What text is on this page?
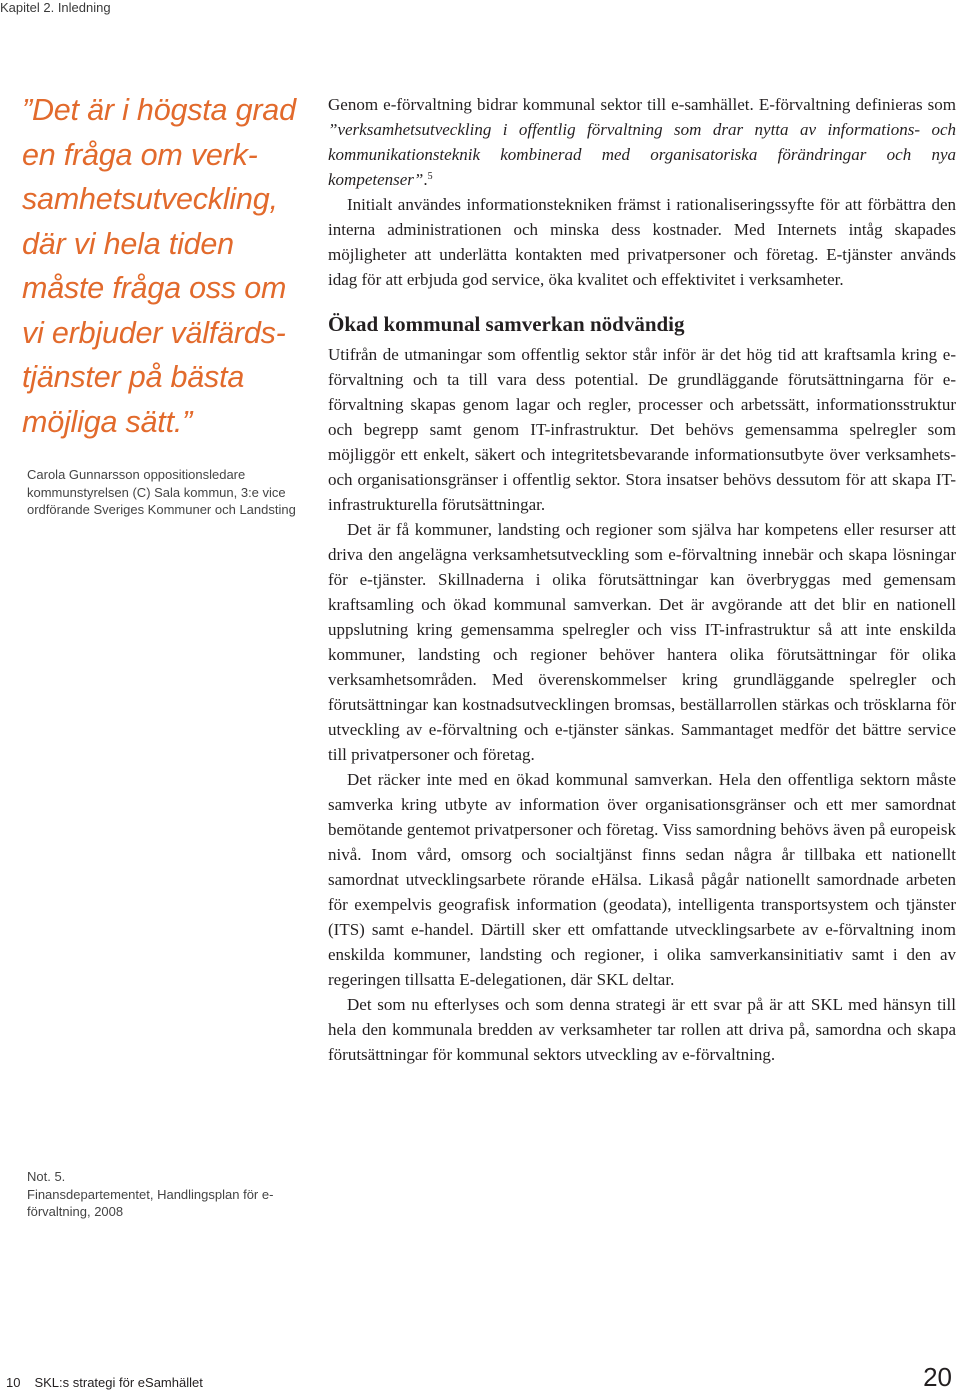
Kapitel 2. Inledning
”Det är i högsta grad
en fråga om verk-
samhetsutveckling,
där vi hela tiden
måste fråga oss om
vi erbjuder välfärds-
tjänster på bästa
möjliga sätt.”
Carola Gunnarsson oppositionsledare
kommunstyrelsen (C) Sala kommun, 3:e vice
ordförande Sveriges Kommuner och Landsting
Not. 5.
Finansdepartementet, Handlingsplan för e-
förvaltning, 2008

Genom e-förvaltning bidrar kommunal sektor till e-samhället. E-förvaltning definieras som ”verksamhetsutveckling i offentlig förvaltning som drar nytta av informations- och kommunikationsteknik kombinerad med organisatoriska förändringar och nya kompetenser”.$^5$

Initialt användes informationstekniken främst i rationaliseringssyfte för att förbättra den interna administrationen och minska dess kostnader. Med Internets intåg skapades möjligheter att underlätta kontakten med privatpersoner och företag. E-tjänster används idag för att erbjuda god service, öka kvalitet och effektivitet i verksamheter.

Ökad kommunal samverkan nödvändig

Utifrån de utmaningar som offentlig sektor står inför är det hög tid att kraftsamla kring e-förvaltning och ta till vara dess potential. De grundläggande förutsättningarna för e-förvaltning skapas genom lagar och regler, processer och arbetssätt, informationsstruktur och begrepp samt genom IT-infrastruktur. Det behövs gemensamma spelregler som möjliggör ett enkelt, säkert och integritetsbevarande informationsutbyte över verksamhets- och organisationsgränser i offentlig sektor. Stora insatser behövs dessutom för att skapa IT-infrastrukturella förutsättningar.

Det är få kommuner, landsting och regioner som själva har kompetens eller resurser att driva den angelägna verksamhetsutveckling som e-förvaltning innebär och skapa lösningar för e-tjänster. Skillnaderna i olika förutsättningar kan överbryggas med gemensam kraftsamling och ökad kommunal samverkan. Det är avgörande att det blir en nationell uppslutning kring gemensamma spelregler och viss IT-infrastruktur så att inte enskilda kommuner, landsting och regioner behöver hantera olika förutsättningar för olika verksamhetsområden. Med överenskommelser kring grundläggande spelregler och förutsättningar kan kostnadsutvecklingen bromsas, beställarrollen stärkas och trösklarna för utveckling av e-förvaltning och e-tjänster sänkas. Sammantaget medför det bättre service till privatpersoner och företag.

Det räcker inte med en ökad kommunal samverkan. Hela den offentliga sektorn måste samverka kring utbyte av information över organisationsgränser och ett mer samordnat bemötande gentemot privatpersoner och företag. Viss samordning behövs även på europeisk nivå. Inom vård, omsorg och socialtjänst finns sedan några år tillbaka ett nationellt samordnat utvecklingsarbete rörande eHälsa. Likaså pågår nationellt samordnade arbeten för exempelvis geografisk information (geodata), intelligenta transportsystem och tjänster (ITS) samt e-handel. Därtill sker ett omfattande utvecklingsarbete av e-förvaltning inom enskilda kommuner, landsting och regioner, i olika samverkansinitiativ samt i den av regeringen tillsatta E-delegationen, där SKL deltar.

Det som nu efterlyses och som denna strategi är ett svar på är att SKL med hänsyn till hela den kommunala bredden av verksamheter tar rollen att driva på, samordna och skapa förutsättningar för kommunal sektors utveckling av e-förvaltning.

10 SKL:s strategi för eSamhället	20
